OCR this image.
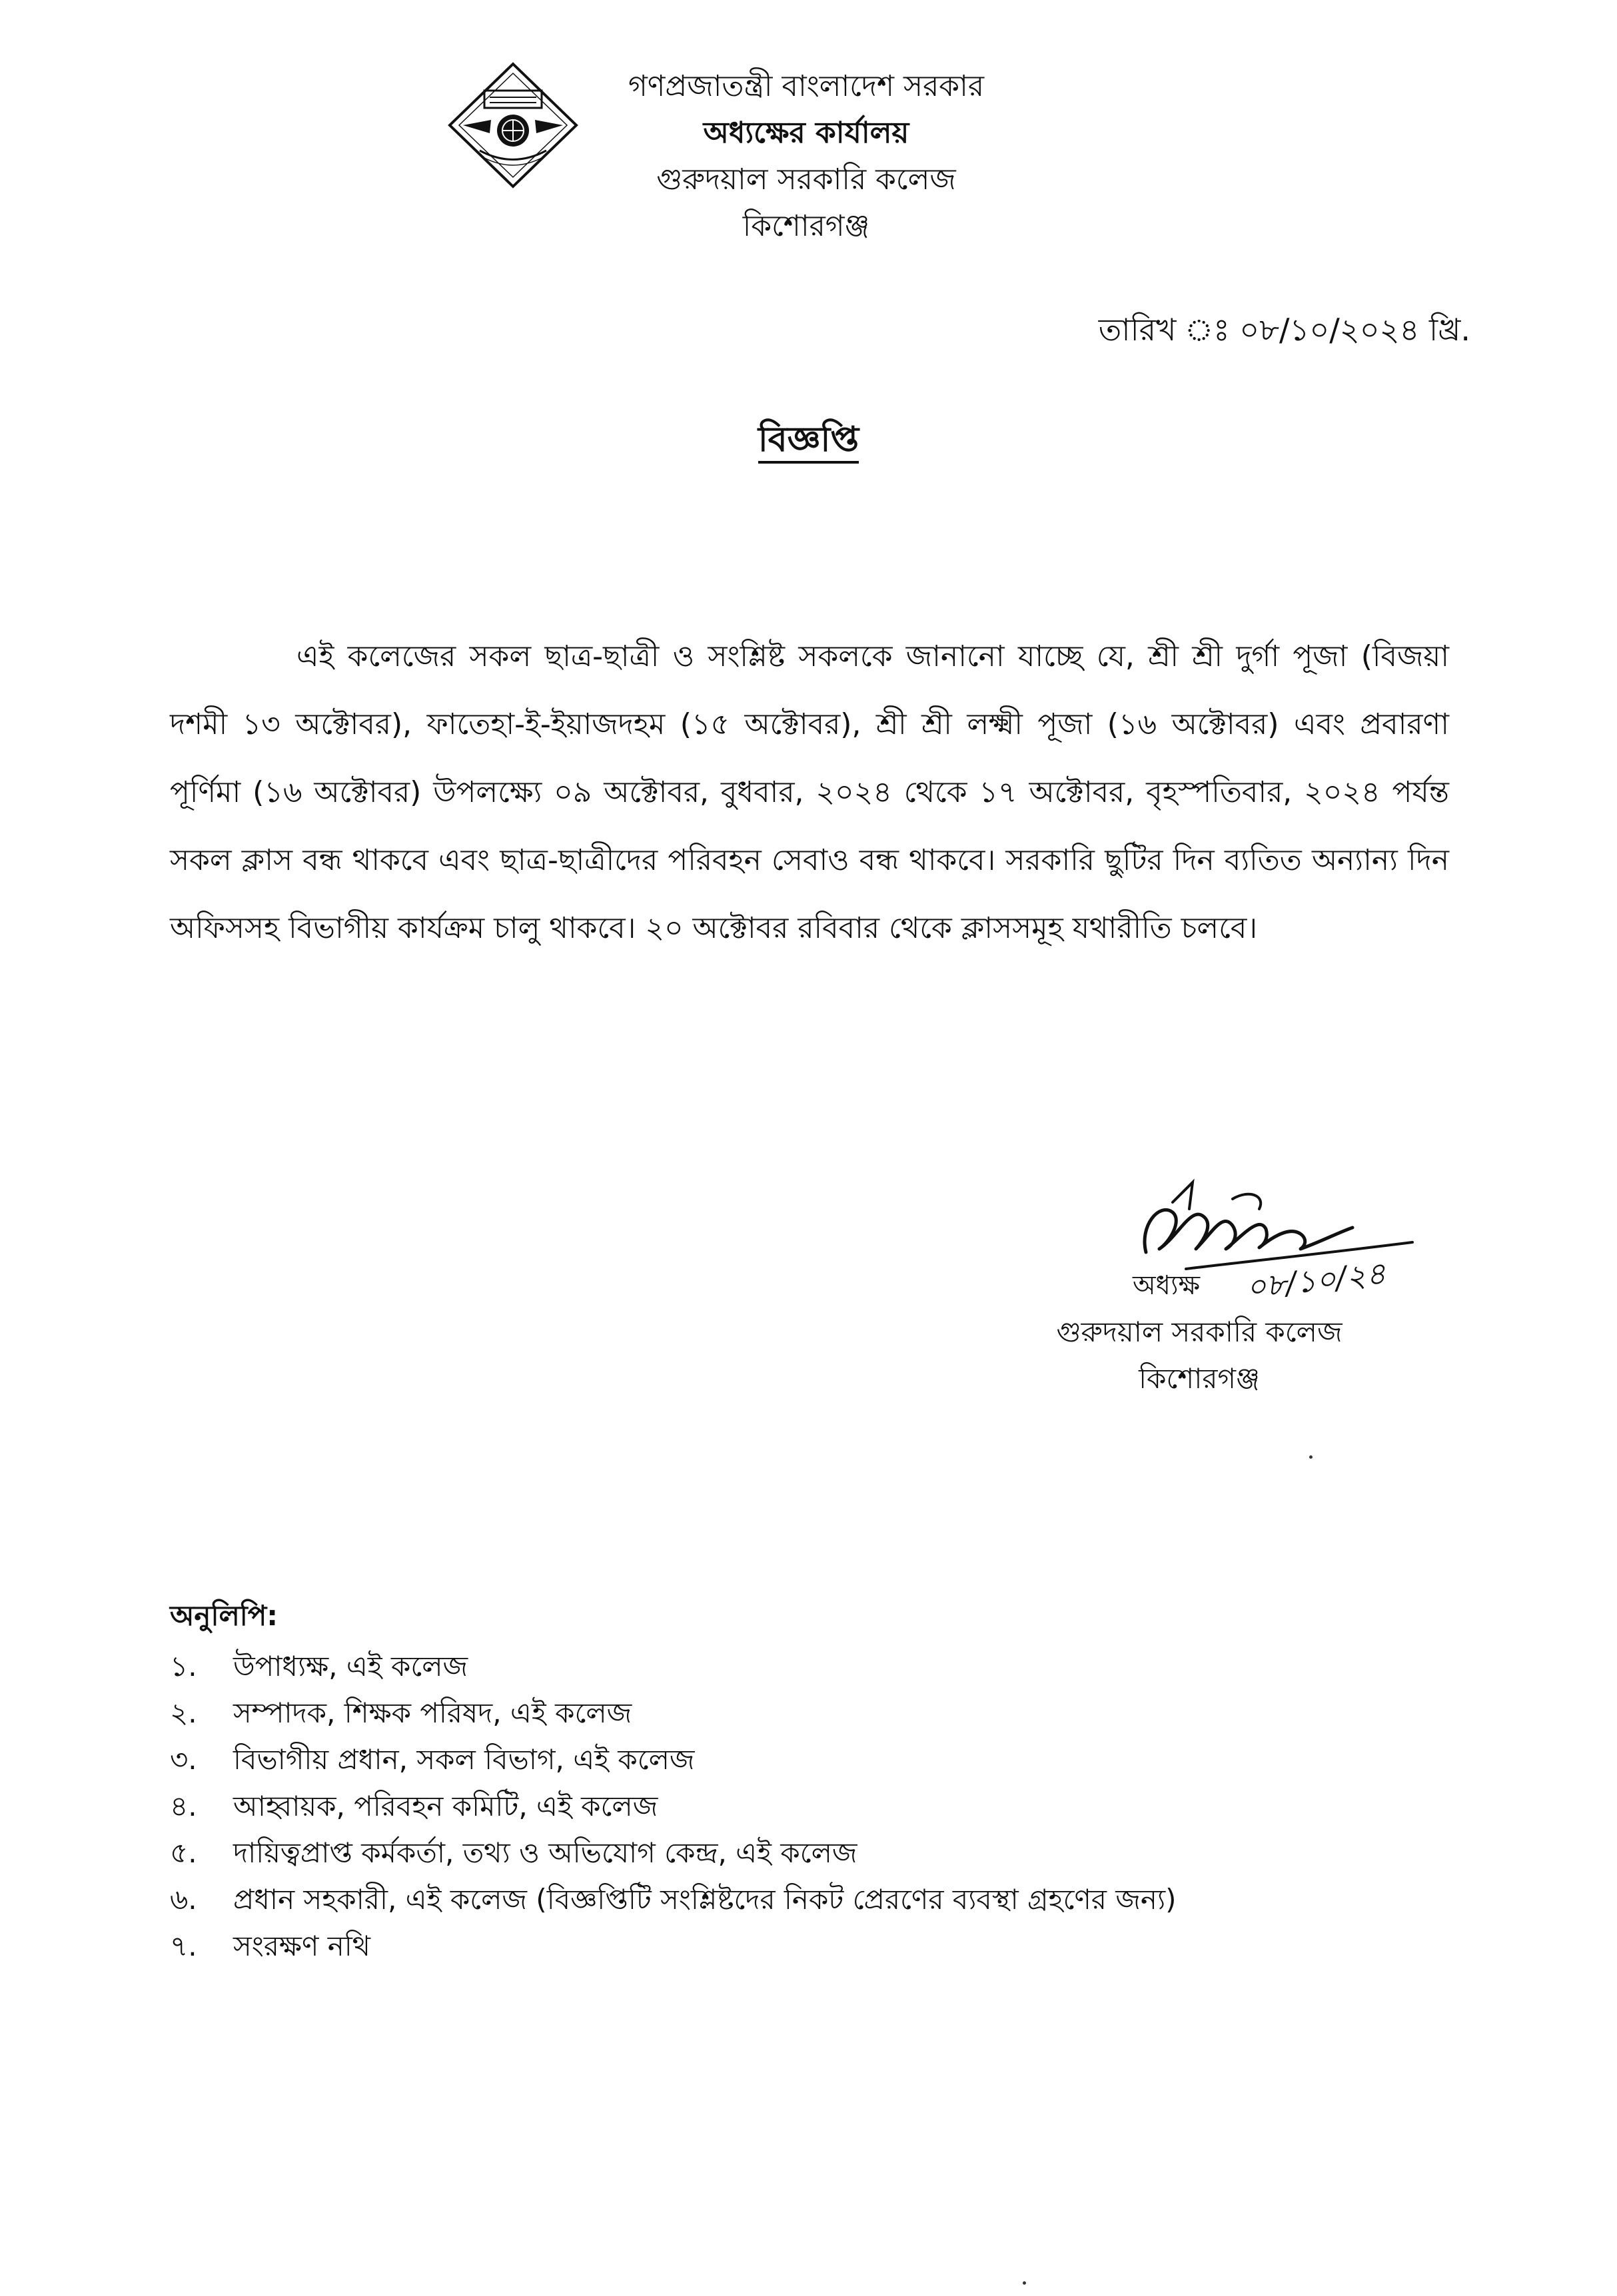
গণপ্রজাতন্ত্রী বাংলাদেশ সরকার
অধ্যক্ষের কার্যালয়
গুরুদয়াল সরকারি কলেজ
কিশোরগঞ্জ
তারিখ ঃ ০৮/১০/২০২৪ খ্রি.
বিজ্ঞপ্তি
এই কলেজের সকল ছাত্র-ছাত্রী ও সংশ্লিষ্ট সকলকে জানানো যাচ্ছে যে, শ্রী শ্রী দুর্গা পূজা (বিজয়া দশমী ১৩ অক্টোবর), ফাতেহা-ই-ইয়াজদহম (১৫ অক্টোবর), শ্রী শ্রী লক্ষ্মী পূজা (১৬ অক্টোবর) এবং প্রবারণা পূর্ণিমা (১৬ অক্টোবর) উপলক্ষ্যে ০৯ অক্টোবর, বুধবার, ২০২৪ থেকে ১৭ অক্টোবর, বৃহস্পতিবার, ২০২৪ পর্যন্ত সকল ক্লাস বন্ধ থাকবে এবং ছাত্র-ছাত্রীদের পরিবহন সেবাও বন্ধ থাকবে। সরকারি ছুটির দিন ব্যতিত অন্যান্য দিন অফিসসহ বিভাগীয় কার্যক্রম চালু থাকবে। ২০ অক্টোবর রবিবার থেকে ক্লাসসমূহ যথারীতি চলবে।
অধ্যক্ষ ০৮/১০/২৪
গুরুদয়াল সরকারি কলেজ
কিশোরগঞ্জ
অনুলিপি:
১.	উপাধ্যক্ষ, এই কলেজ
২.	সম্পাদক, শিক্ষক পরিষদ, এই কলেজ
৩.	বিভাগীয় প্রধান, সকল বিভাগ, এই কলেজ
৪.	আহ্বায়ক, পরিবহন কমিটি, এই কলেজ
৫.	দায়িত্বপ্রাপ্ত কর্মকর্তা, তথ্য ও অভিযোগ কেন্দ্র, এই কলেজ
৬.	প্রধান সহকারী, এই কলেজ (বিজ্ঞপ্তিটি সংশ্লিষ্টদের নিকট প্রেরণের ব্যবস্থা গ্রহণের জন্য)
৭.	সংরক্ষণ নথি
